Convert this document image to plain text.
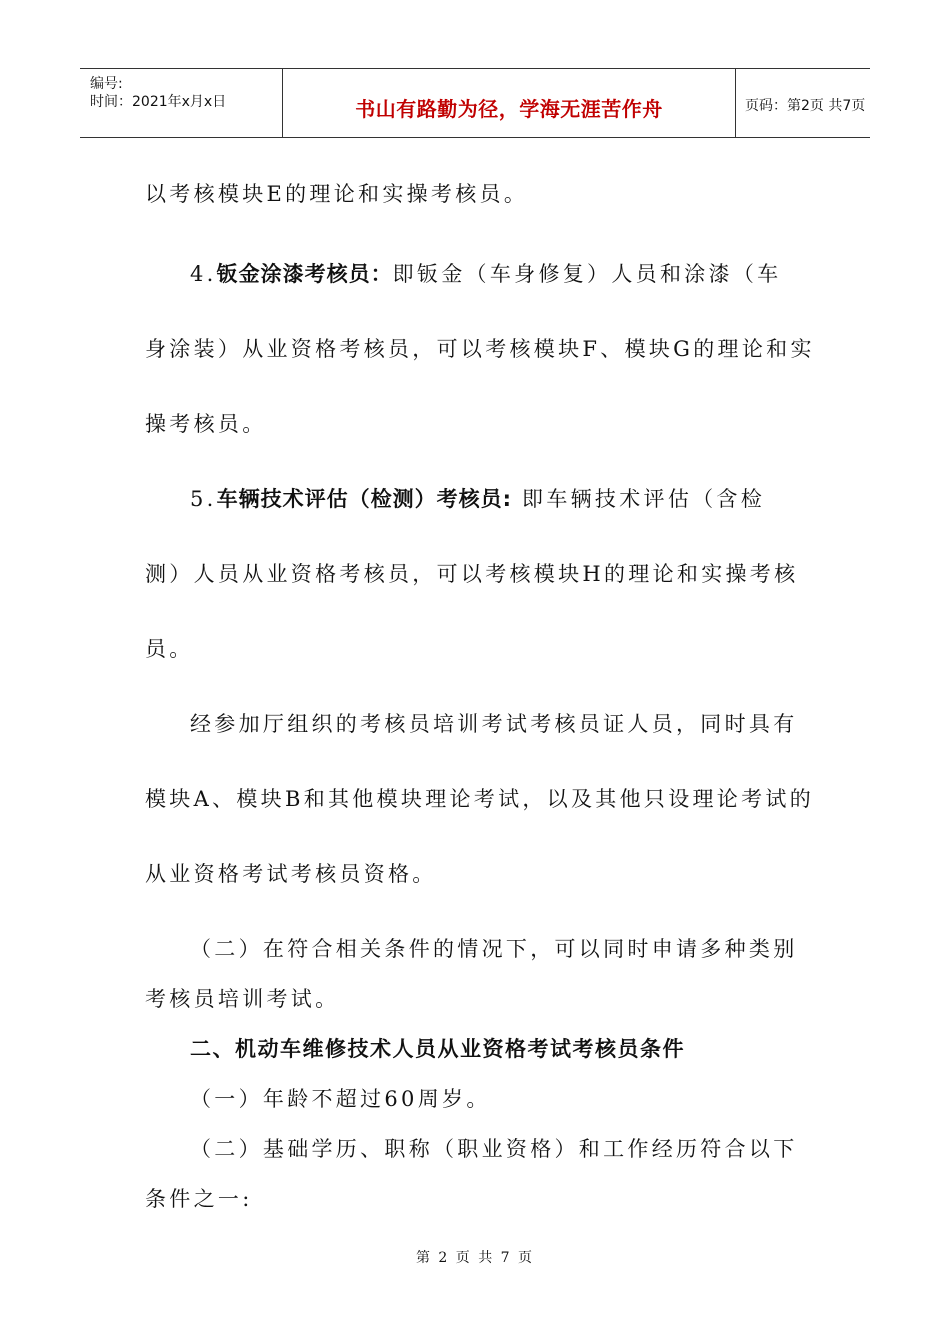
编号:
时间：2021年x月x日	书山有路勤为径，学海无涯苦作舟	页码：第2页 共7页
以考核模块E的理论和实操考核员。
4.钣金涂漆考核员：即钣金（车身修复）人员和涂漆（车
身涂装）从业资格考核员，可以考核模块F、模块G的理论和实
操考核员。
5.车辆技术评估（检测）考核员: 即车辆技术评估（含检
测）人员从业资格考核员，可以考核模块H的理论和实操考核
员。
经参加厅组织的考核员培训考试考核员证人员，同时具有
模块A、模块B和其他模块理论考试，以及其他只设理论考试的
从业资格考试考核员资格。
（二）在符合相关条件的情况下，可以同时申请多种类别
考核员培训考试。
二、机动车维修技术人员从业资格考试考核员条件
（一）年龄不超过60周岁。
（二）基础学历、职称（职业资格）和工作经历符合以下
条件之一:
第 2 页 共 7 页
